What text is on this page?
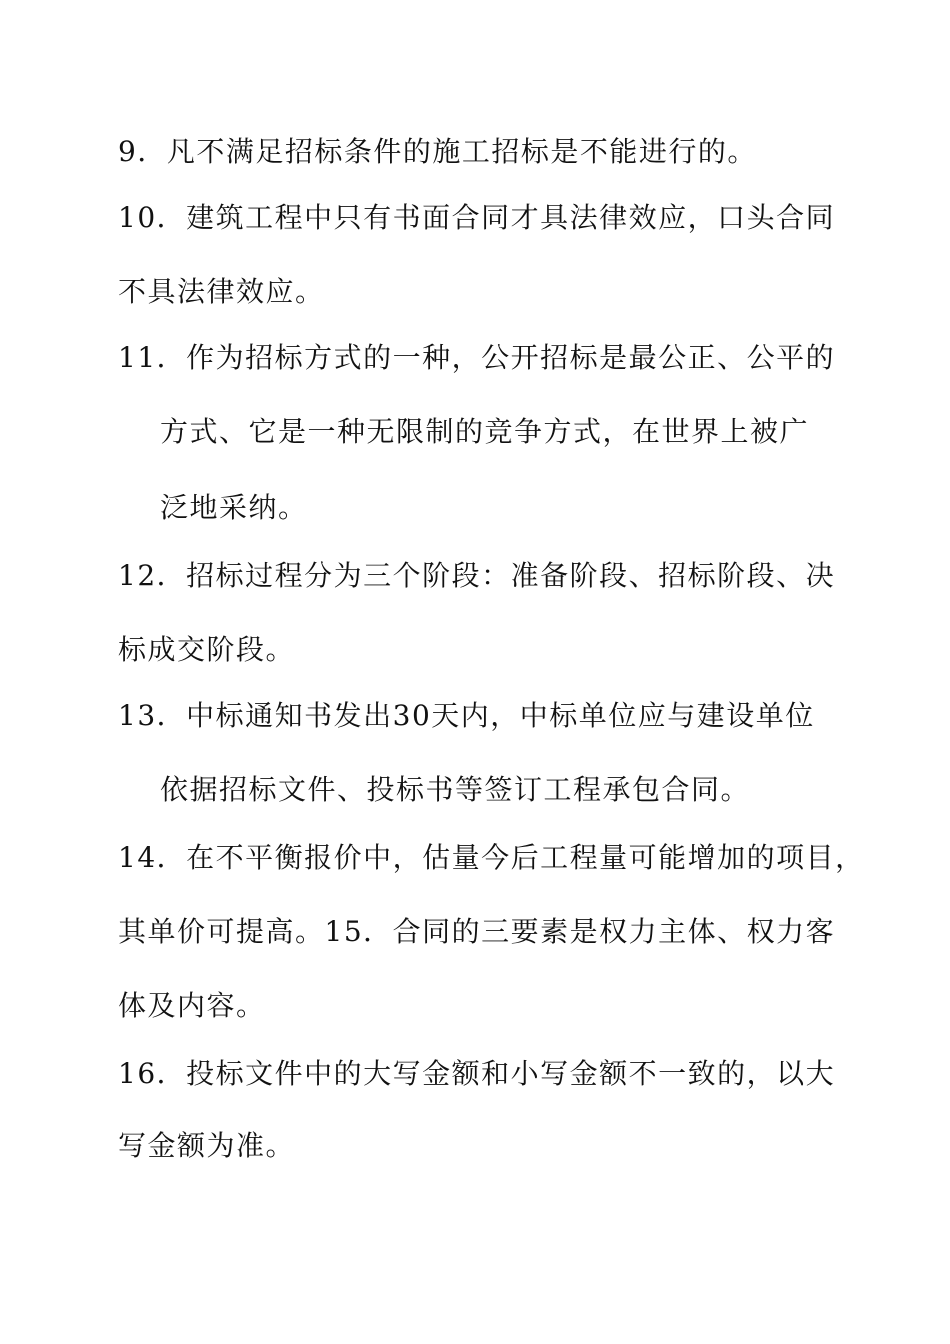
9．凡不满足招标条件的施工招标是不能进行的。
10．建筑工程中只有书面合同才具法律效应，口头合同
不具法律效应。
11．作为招标方式的一种，公开招标是最公正、公平的
方式、它是一种无限制的竞争方式，在世界上被广
泛地采纳。
12．招标过程分为三个阶段：准备阶段、招标阶段、决
标成交阶段。
13．中标通知书发出30天内，中标单位应与建设单位
依据招标文件、投标书等签订工程承包合同。
14．在不平衡报价中，估量今后工程量可能增加的项目，
其单价可提高。15．合同的三要素是权力主体、权力客
体及内容。
16．投标文件中的大写金额和小写金额不一致的，以大
写金额为准。
